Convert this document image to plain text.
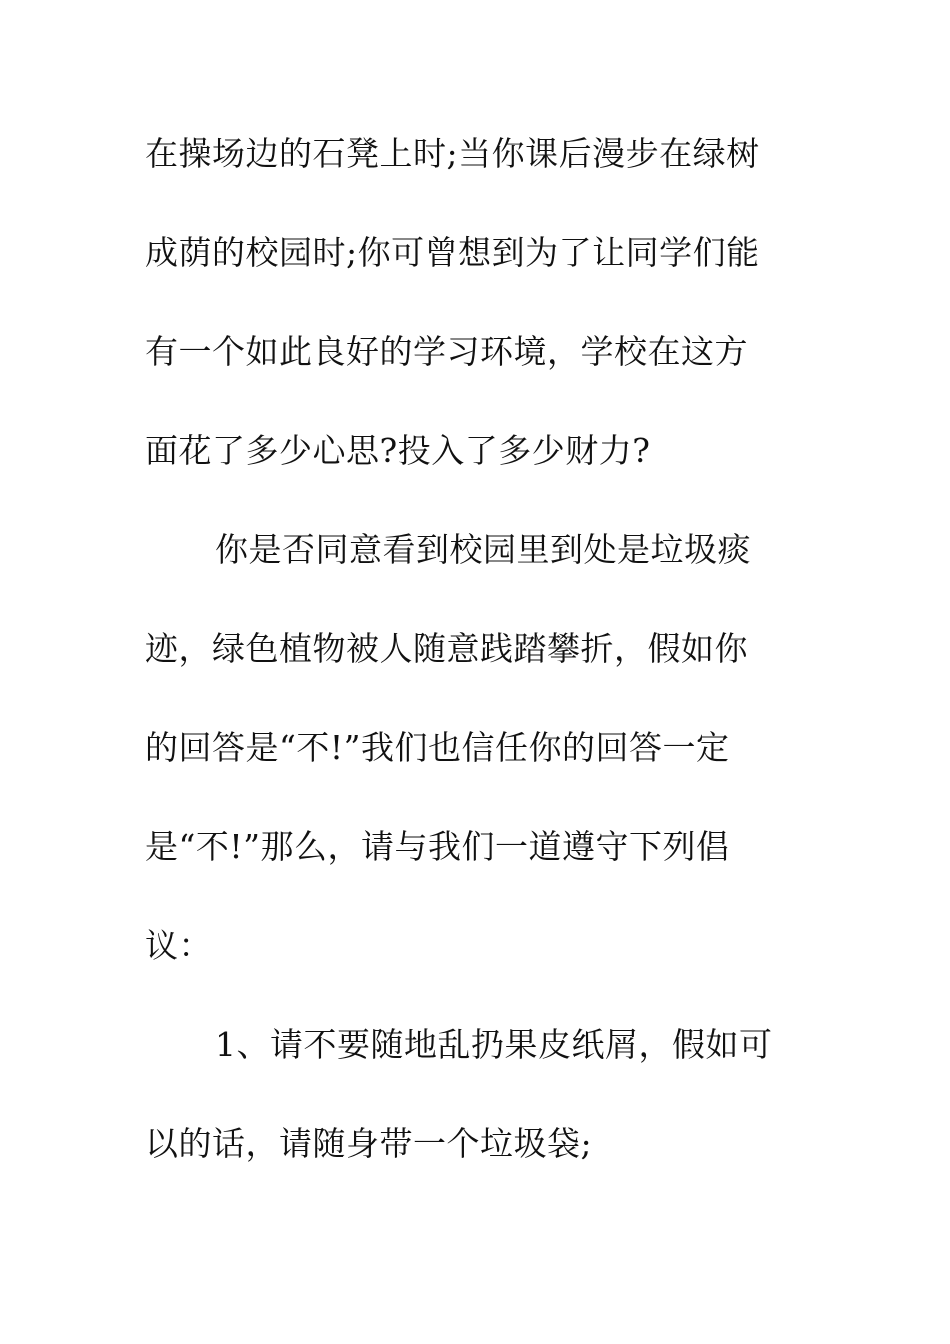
在操场边的石凳上时;当你课后漫步在绿树
成荫的校园时;你可曾想到为了让同学们能
有一个如此良好的学习环境，学校在这方
面花了多少心思?投入了多少财力?
你是否同意看到校园里到处是垃圾痰
迹，绿色植物被人随意践踏攀折，假如你
的回答是“不!”我们也信任你的回答一定
是“不!”那么，请与我们一道遵守下列倡
议：
1、请不要随地乱扔果皮纸屑，假如可
以的话，请随身带一个垃圾袋;
